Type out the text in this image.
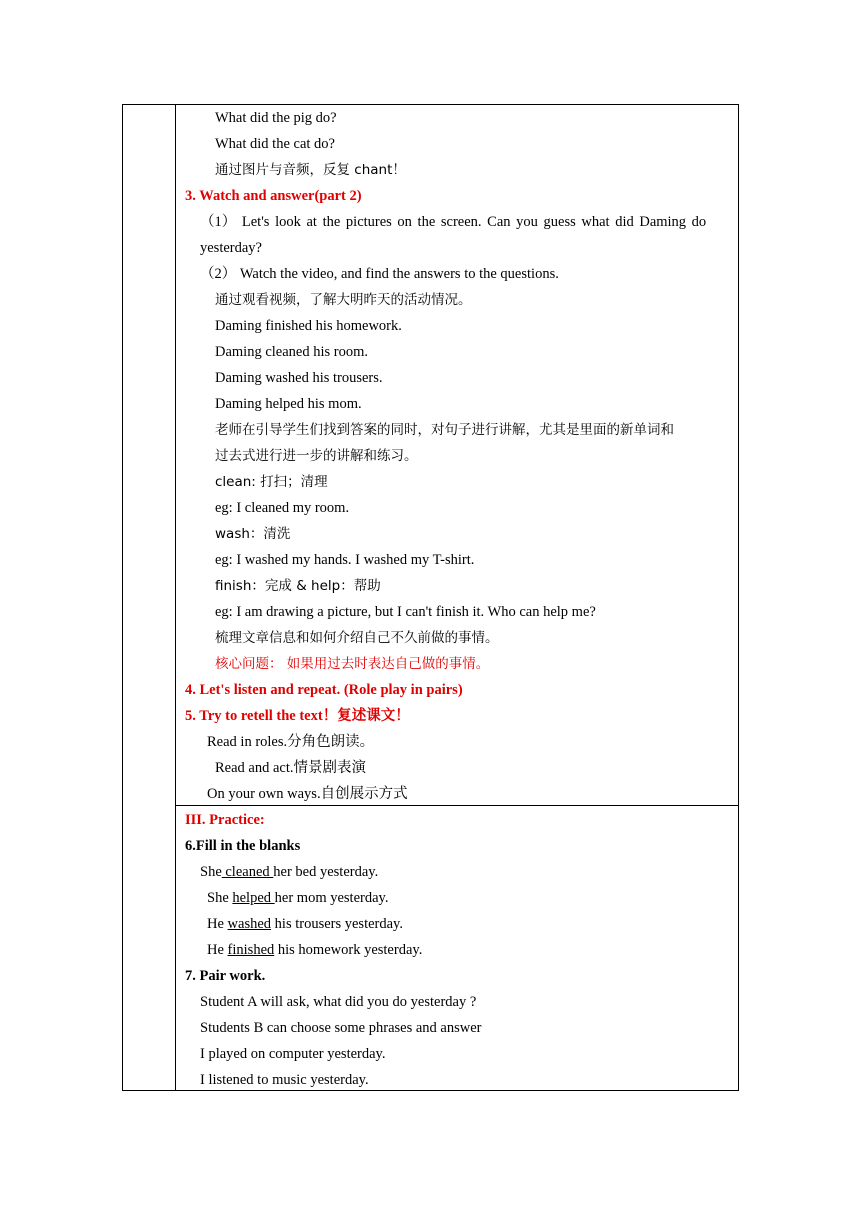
What did the pig do?
What did the cat do?
通过图片与音频，反复 chant！
3. Watch and answer(part 2)
（1） Let's look at the pictures on the screen. Can you guess what did Daming do
yesterday?
（2） Watch the video, and find the answers to the questions.
通过观看视频，了解大明昨天的活动情况。
Daming finished his homework.
Daming cleaned his room.
Daming washed his trousers.
Daming helped his mom.
老师在引导学生们找到答案的同时，对句子进行讲解，尤其是里面的新单词和
过去式进行进一步的讲解和练习。
clean: 打扫；清理
eg: I cleaned my room.
wash：清洗
eg: I washed my hands. I washed my T-shirt.
finish：完成 & help：帮助
eg: I am drawing a picture, but I can't finish it. Who can help me?
梳理文章信息和如何介绍自己不久前做的事情。
核心问题： 如果用过去时表达自己做的事情。
4. Let's listen and repeat. (Role play in pairs)
5. Try to retell the text！复述课文！
Read in roles.分角色朗读。
Read and act.情景剧表演
On your own ways.自创展示方式
III. Practice:
6.Fill in the blanks
She cleaned her bed yesterday.
She helped her mom yesterday.
He washed his trousers yesterday.
He finished his homework yesterday.
7. Pair work.
Student A will ask, what did you do yesterday ?
Students B can choose some phrases and answer
I played on computer yesterday.
I listened to music yesterday.
